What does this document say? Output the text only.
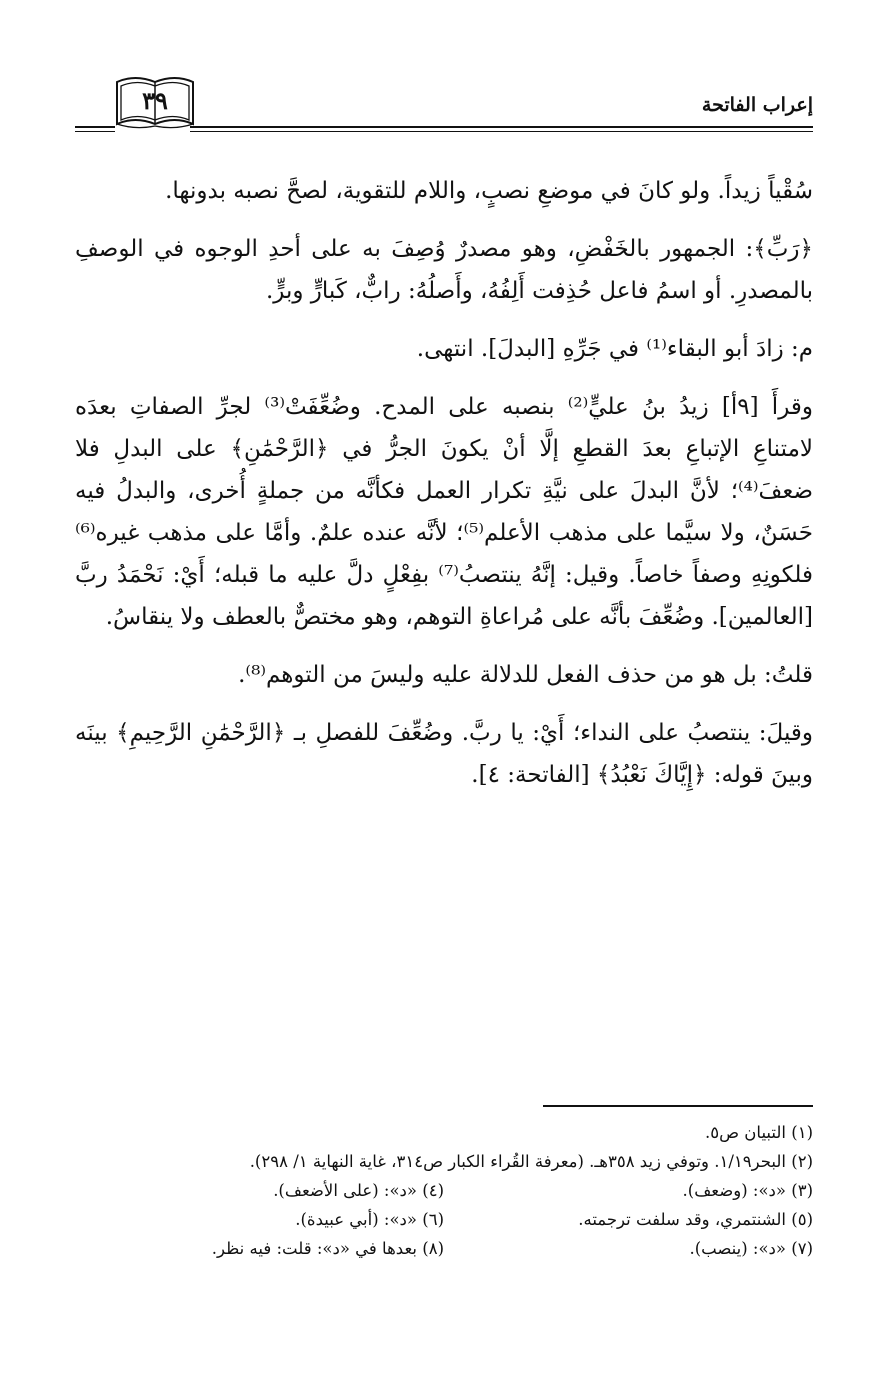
إعراب الفاتحة
٣٩

سُقْياً زيداً. ولو كانَ في موضعِ نصبٍ، واللام للتقوية، لصحَّ نصبه بدونها.

﴿رَبِّ﴾: الجمهور بالخَفْضِ، وهو مصدرٌ وُصِفَ به على أحدِ الوجوه في الوصفِ بالمصدرِ. أو اسمُ فاعل حُذِفت أَلِفُهُ، وأَصلُهُ: رابٌّ، كَبارٍّ وبرٍّ.

م: زادَ أبو البقاء⁽¹⁾ في جَرِّهِ [البدلَ]. انتهى.

وقرأَ [٩أ] زيدُ بنُ عليٍّ⁽²⁾ بنصبه على المدح. وضُعِّفَتْ⁽³⁾ لجرِّ الصفاتِ بعدَه لامتناعِ الإتباعِ بعدَ القطعِ إلَّا أنْ يكونَ الجرُّ في ﴿الرَّحْمَٰنِ﴾ على البدلِ فلا ضعفَ⁽⁴⁾؛ لأنَّ البدلَ على نيَّةِ تكرار العمل فكأنَّه من جملةٍ أُخرى، والبدلُ فيه حَسَنٌ، ولا سيَّما على مذهب الأعلم⁽⁵⁾؛ لأنَّه عنده علمٌ. وأمَّا على مذهب غيره⁽⁶⁾ فلكونِهِ وصفاً خاصاً. وقيل: إنَّهُ ينتصبُ⁽⁷⁾ بفِعْلٍ دلَّ عليه ما قبله؛ أَيْ: نَحْمَدُ ربَّ [العالمين]. وضُعِّفَ بأنَّه على مُراعاةِ التوهم، وهو مختصٌّ بالعطف ولا ينقاسُ.

قلتُ: بل هو من حذف الفعل للدلالة عليه وليسَ من التوهم⁽⁸⁾.

وقيلَ: ينتصبُ على النداء؛ أَيْ: يا ربَّ. وضُعِّفَ للفصلِ بـ ﴿الرَّحْمَٰنِ الرَّحِيمِ﴾ بينَه وبينَ قوله: ﴿إِيَّاكَ نَعْبُدُ﴾ [الفاتحة: ٤].

(١) التبيان ص٥.
(٢) البحر١/١٩. وتوفي زيد ٣٥٨هـ. (معرفة القُراء الكبار ص٣١٤، غاية النهاية ١/ ٢٩٨).
(٣) «د»: (وضعف).
(٤) «د»: (على الأضعف).
(٥) الشنتمري، وقد سلفت ترجمته.
(٦) «د»: (أبي عبيدة).
(٧) «د»: (ينصب).
(٨) بعدها في «د»: قلت: فيه نظر.
